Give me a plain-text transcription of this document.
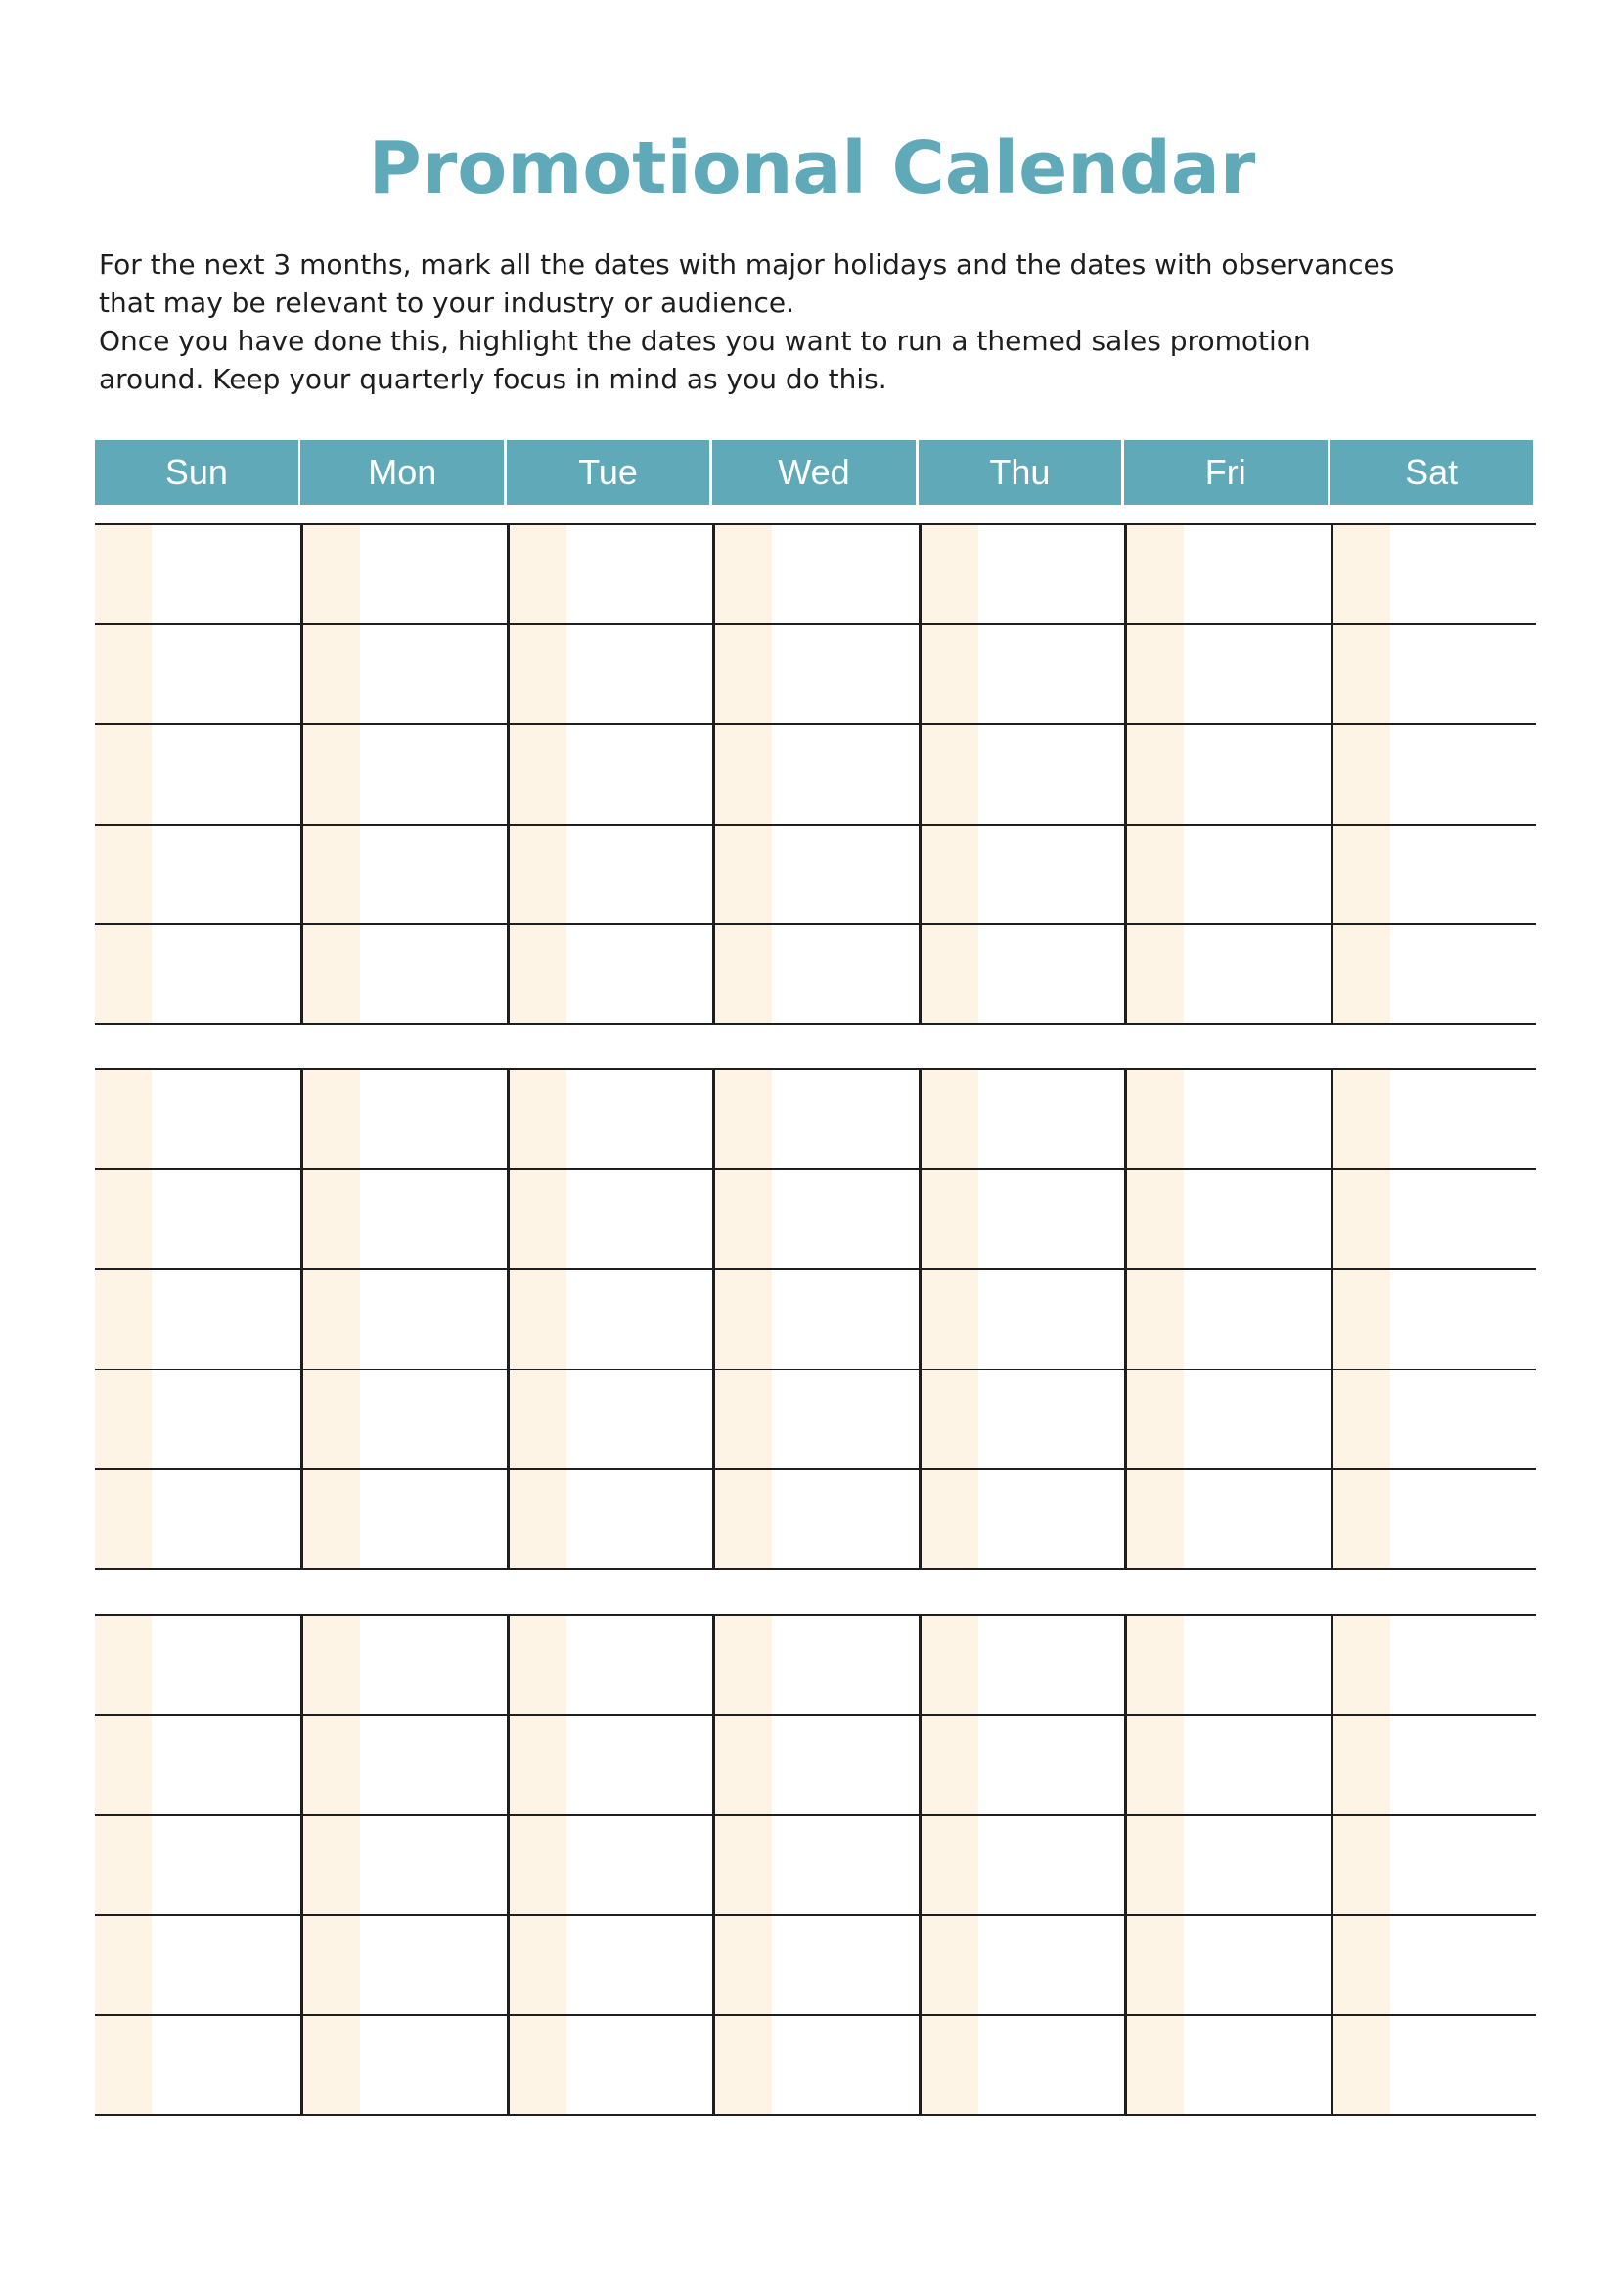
Promotional Calendar

For the next 3 months, mark all the dates with major holidays and the dates with observances

that may be relevant to your industry or audience.

Once you have done this, highlight the dates you want to run a themed sales promotion

around. Keep your quarterly focus in mind as you do this.

Sun	Mon	Tue	Wed	Thu	Fri	Sat
